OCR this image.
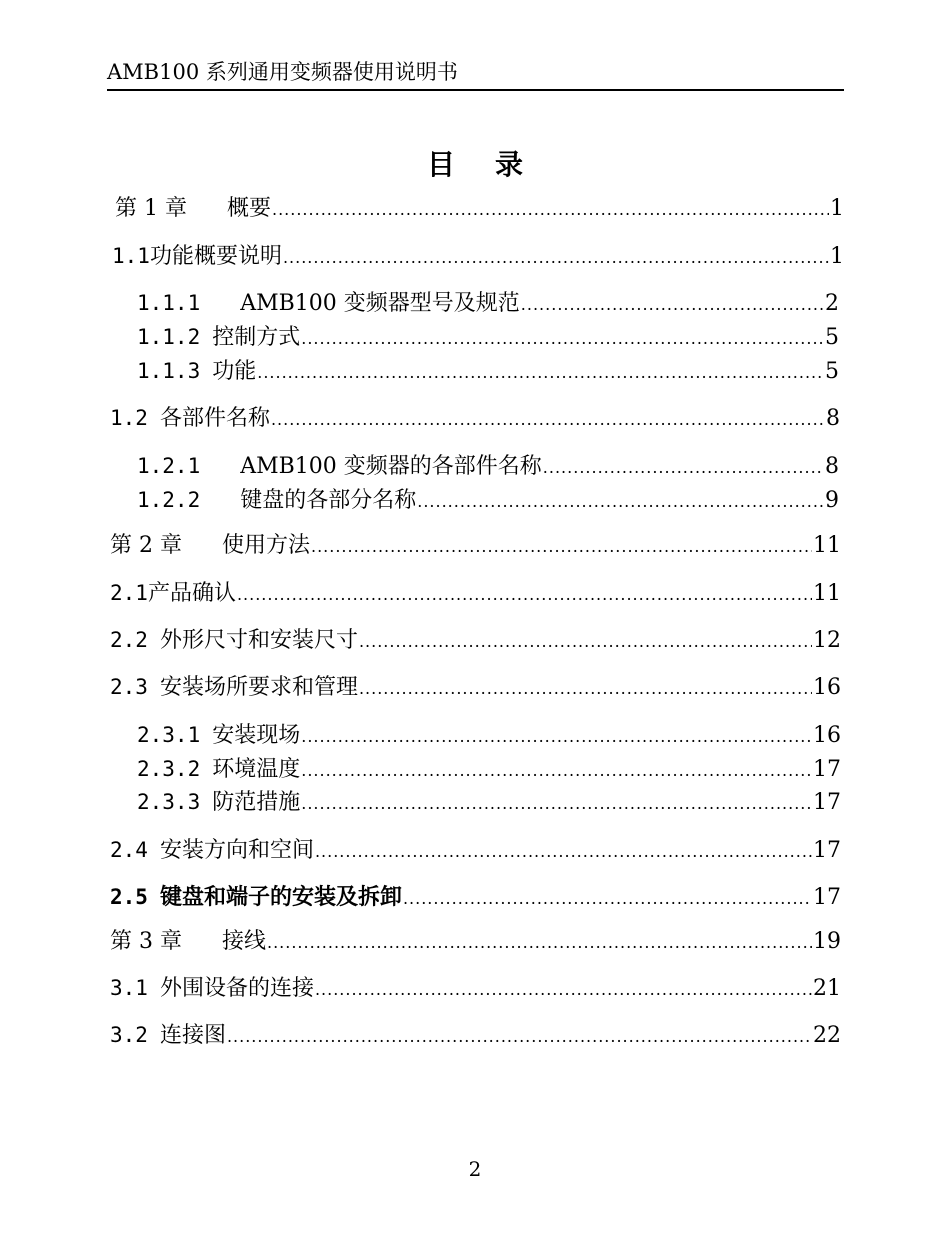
AMB100 系列通用变频器使用说明书
目 录
第 1 章 概要 .....	1
1.1功能概要说明 .....	1
1.1.1 AMB100 变频器型号及规范 .....	2
1.1.2 控制方式 .....	5
1.1.3 功能 .....	5
1.2 各部件名称 .....	8
1.2.1 AMB100 变频器的各部件名称 .....	8
1.2.2 键盘的各部分名称 .....	9
第 2 章 使用方法 .....	11
2.1产品确认 .....	11
2.2 外形尺寸和安装尺寸 .....	12
2.3 安装场所要求和管理 .....	16
2.3.1 安装现场 .....	16
2.3.2 环境温度 .....	17
2.3.3 防范措施 .....	17
2.4 安装方向和空间 .....	17
2.5 键盘和端子的安装及拆卸 .....	17
第 3 章 接线 .....	19
3.1 外围设备的连接 .....	21
3.2 连接图 .....	22
2
